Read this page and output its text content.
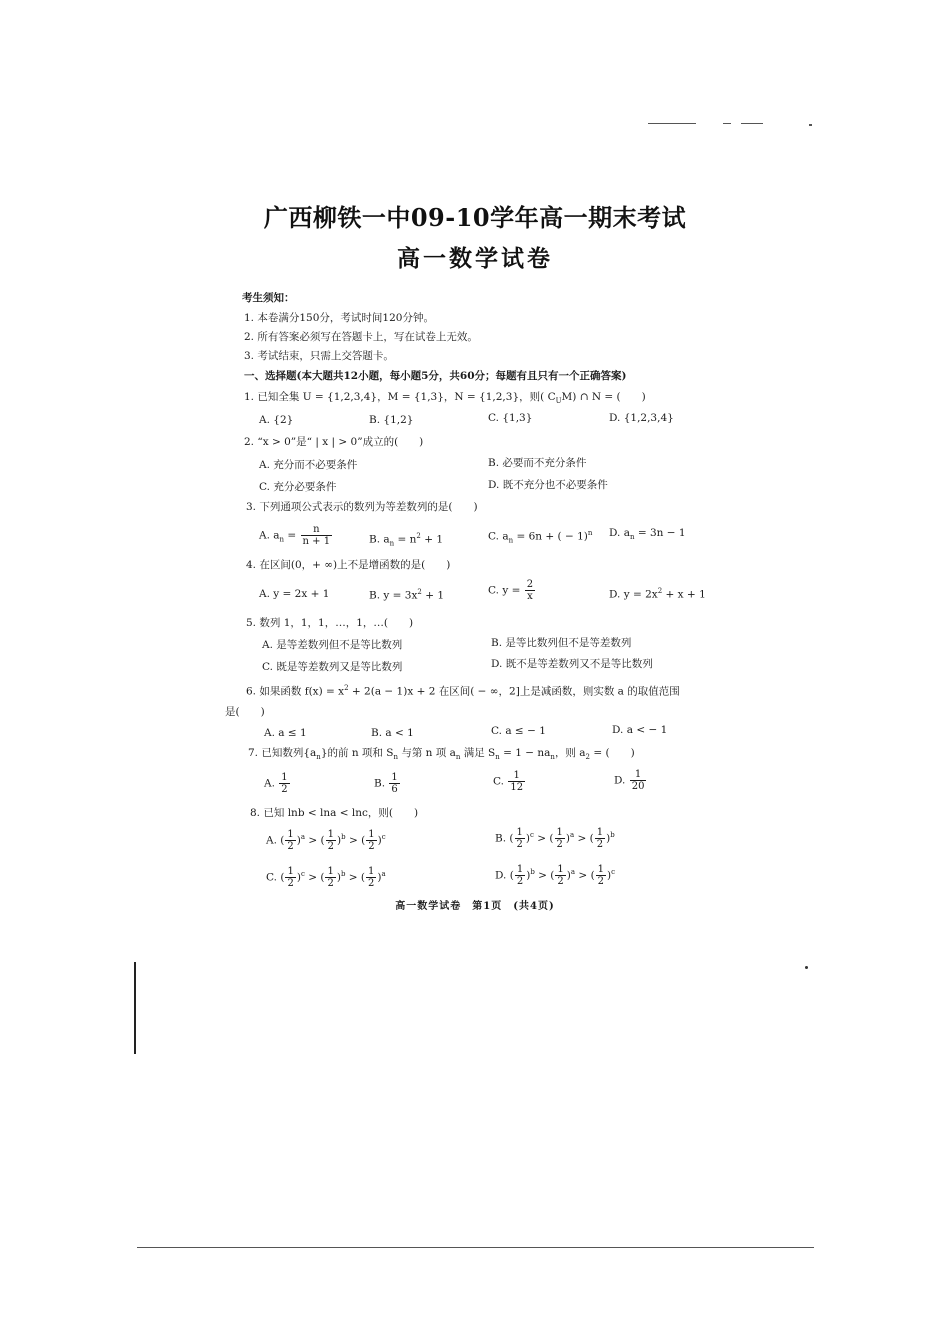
广西柳铁一中09-10学年高一期末考试
高一数学试卷
考生须知：
1. 本卷满分150分，考试时间120分钟。
2. 所有答案必须写在答题卡上，写在试卷上无效。
3. 考试结束，只需上交答题卡。
一、选择题(本大题共12小题，每小题5分，共60分；每题有且只有一个正确答案)
1. 已知全集 U = {1,2,3,4}，M = {1,3}，N = {1,2,3}，则( $C_UM$) ∩ N = (　　)
A. {2}	B. {1,2}	C. {1,3}	D. {1,2,3,4}
2. “x > 0”是“ | x | > 0”成立的(　　)
A. 充分而不必要条件	B. 必要而不充分条件
C. 充分必要条件	D. 既不充分也不必要条件
3. 下列通项公式表示的数列为等差数列的是(　　)
A. $a_n = \frac{n}{n + 1}$	B. $a_n = n^2 + 1$	C. $a_n = 6n$ + ( − 1)$^n$ D. $a_n = 3n - 1$
4. 在区间(0，+ ∞)上不是增函数的是(　　)
A. y = 2x + 1	B. $y = 3x^2 + 1$	C. $y = \frac{2}{x}$	D. $y = 2x^2 + x + 1$
5. 数列 1，1，1，…，1，…(　　)
A. 是等差数列但不是等比数列	B. 是等比数列但不是等差数列
C. 既是等差数列又是等比数列	D. 既不是等差数列又不是等比数列
6. 如果函数 $f(x) = x^2 + 2(a - 1)x + 2$ 在区间( − ∞，2]上是减函数，则实数 a 的取值范围
是(　　)
A. a ≤ 1	B. a < 1	C. a ≤ − 1	D. a < − 1
7. 已知数列$\{a_n\}$的前 n 项和 $S_n$ 与第 n 项 $a_n$ 满足 $S_n = 1 - na_n$，则 $a_2$ = (　　)
A. $\frac{1}{2}$	B. $\frac{1}{6}$	C. $\frac{1}{12}$	D. $\frac{1}{20}$
8. 已知 lnb < lna < lnc，则(　　)
A. ( $\frac{1}{2} )^a$ > ( $\frac{1}{2} )^b$ > ( $\frac{1}{2} )^c$	B. ( $\frac{1}{2} )^c$ > ( $\frac{1}{2} )^a$ > ( $\frac{1}{2} )^b$
C. ( $\frac{1}{2} )^c$ > ( $\frac{1}{2} )^b$ > ( $\frac{1}{2} )^a$	D. ( $\frac{1}{2} )^b$ > ( $\frac{1}{2} )^a$ > ( $\frac{1}{2} )^c$
高一数学试卷　第1页　(共4页)
